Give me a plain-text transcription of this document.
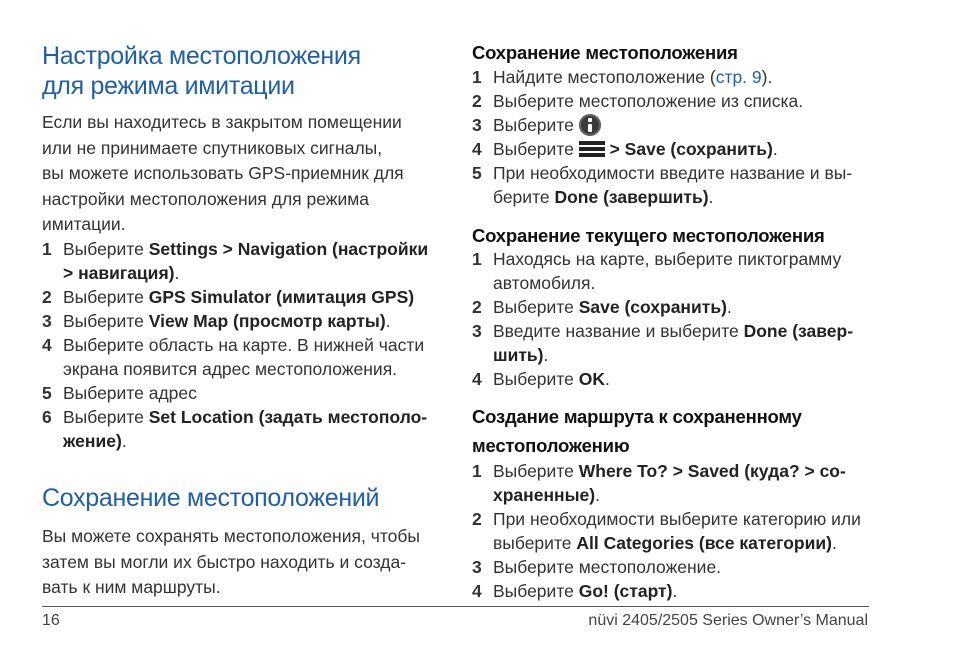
Настройка местоположения
для режима имитации
Если вы находитесь в закрытом помещении
или не принимаете спутниковых сигналы,
вы можете использовать GPS-приемник для
настройки местоположения для режима
имитации.
1 Выберите Settings > Navigation (настройки
> навигация).
2 Выберите GPS Simulator (имитация GPS)
3 Выберите View Map (просмотр карты).
4 Выберите область на карте. В нижней части
экрана появится адрес местоположения.
5 Выберите адрес
6 Выберите Set Location (задать местополо-
жение).
Сохранение местоположений
Вы можете сохранять местоположения, чтобы
затем вы могли их быстро находить и созда-
вать к ним маршруты.
Сохранение местоположения
1 Найдите местоположение (стр. 9).
2 Выберите местоположение из списка.
3 Выберите
4 Выберите
> Save (сохранить).
5 При необходимости введите название и вы-
берите Done (завершить).
Сохранение текущего местоположения
1 Находясь на карте, выберите пиктограмму
автомобиля.
2 Выберите Save (сохранить).
3 Введите название и выберите Done (завер-
шить).
4 Выберите OK.
Создание маршрута к сохраненному
местоположению
1 Выберите Where To? > Saved (куда? > со-
храненные).
2 При необходимости выберите категорию или
выберите All Categories (все категории).
3 Выберите местоположение.
4 Выберите Go! (старт).
16	nüvi 2405/2505 Series Owner’s Manual
